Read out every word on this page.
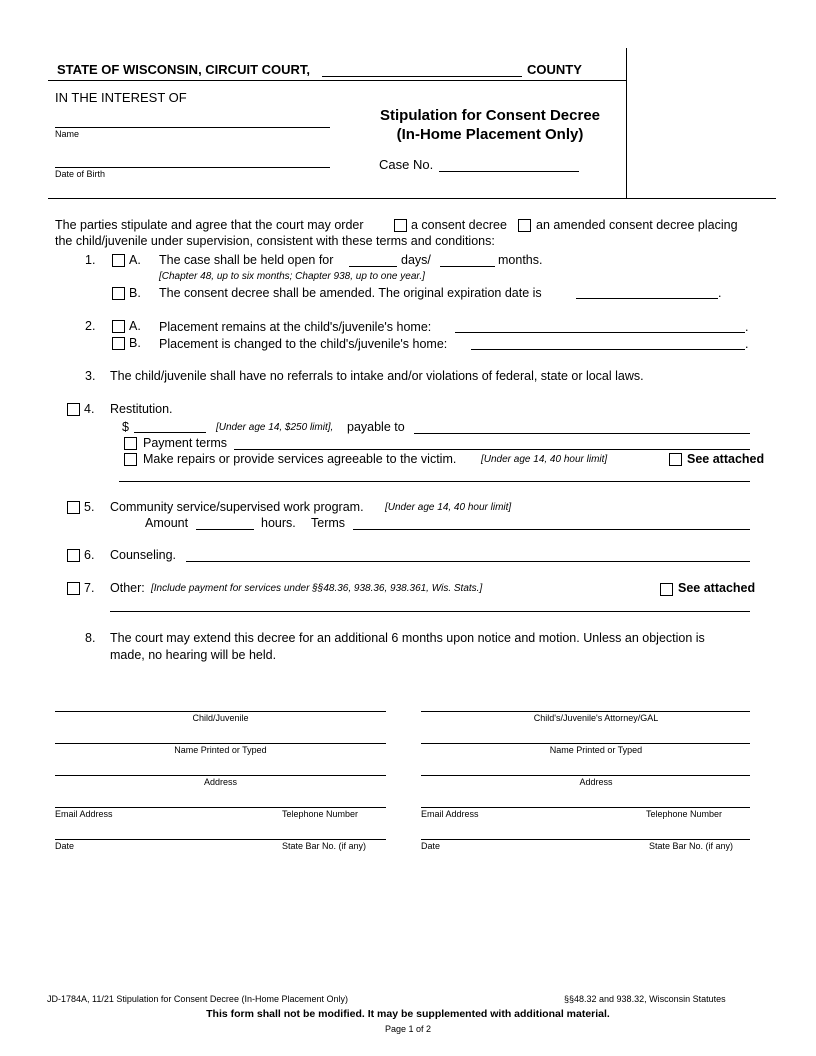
STATE OF WISCONSIN, CIRCUIT COURT,	COUNTY
IN THE INTEREST OF
Name
Date of Birth
Stipulation for Consent Decree
(In-Home Placement Only)
Case No.
The parties stipulate and agree that the court may order	a consent decree an amended consent decree placing
the child/juvenile under supervision, consistent with these terms and conditions:
1.	A. The case shall be held open for	days/	months.
[Chapter 48, up to six months; Chapter 938, up to one year.]
B. The consent decree shall be amended. The original expiration date is	.
2.	A. Placement remains at the child's/juvenile's home:	.
B. Placement is changed to the child's/juvenile's home:	.
3. The child/juvenile shall have no referrals to intake and/or violations of federal, state or local laws.
4. Restitution.
$	[Under age 14, $250 limit], payable to
Payment terms
Make repairs or provide services agreeable to the victim. [Under age 14, 40 hour limit]	See attached
5. Community service/supervised work program. [Under age 14, 40 hour limit]
Amount	hours. Terms
6. Counseling.
7. Other: [Include payment for services under §§48.36, 938.36, 938.361, Wis. Stats.]	See attached
8. The court may extend this decree for an additional 6 months upon notice and motion. Unless an objection is
made, no hearing will be held.
Child/Juvenile
Name Printed or Typed
Address
Email Address	Telephone Number
Date	State Bar No. (if any)
Child's/Juvenile's Attorney/GAL
Name Printed or Typed
Address
Email Address	Telephone Number
Date	State Bar No. (if any)
JD-1784A, 11/21 Stipulation for Consent Decree (In-Home Placement Only)	§§48.32 and 938.32, Wisconsin Statutes
This form shall not be modified. It may be supplemented with additional material.
Page 1 of 2
